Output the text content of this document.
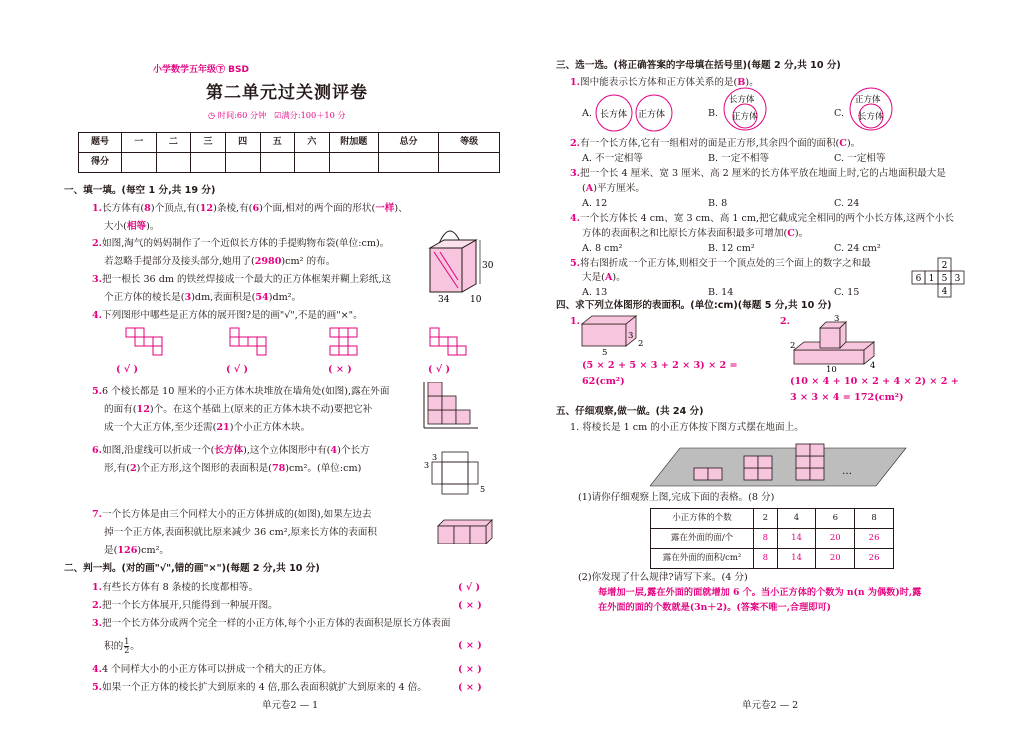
小学数学五年级㊦ BSD
第二单元过关测评卷
◷ 时间:60 分钟 ☑满分:100＋10 分
题号	一	二	三	四	五	六	附加题	总分	等级
得分									
一、填一填。(每空 1 分,共 19 分)
1.长方体有(8)个顶点,有(12)条棱,有(6)个面,相对的两个面的形状(一样)、
大小(相等)。
2.如图,淘气的妈妈制作了一个近似长方体的手提购物布袋(单位:cm)。
若忽略手提部分及接头部分,她用了(2980)cm² 的布。	30
34 10
3.把一根长 36 dm 的铁丝焊接成一个最大的正方体框架并糊上彩纸,这
个正方体的棱长是(3)dm,表面积是(54)dm²。
4.下列图形中哪些是正方体的展开图?是的画"√",不是的画"×"。
( √ )	( √ )	( × )	( √ )
5.6 个棱长都是 10 厘米的小正方体木块堆放在墙角处(如图),露在外面
的面有(12)个。在这个基础上(原来的正方体木块不动)要把它补
成一个大正方体,至少还需(21)个小正方体木块。
6.如图,沿虚线可以折成一个(长方体),这个立体图形中有(4)个长方
形,有(2)个正方形,这个图形的表面积是(78)cm²。(单位:cm)	3
3
5
7.一个长方体是由三个同样大小的正方体拼成的(如图),如果左边去
掉一个正方体,表面积就比原来减少 36 cm²,原来长方体的表面积
是(126)cm²。
二、判一判。(对的画"√",错的画"×")(每题 2 分,共 10 分)
1.有些长方体有 8 条棱的长度都相等。	( √ )
2.把一个长方体展开,只能得到一种展开图。	( × )
3.把一个长方体分成两个完全一样的小正方体,每个小正方体的表面积是原长方体表面
积的 $\frac{1}{2}$ 。	( × )
4.4 个同样大小的小正方体可以拼成一个稍大的正方体。	( × )
5.如果一个正方体的棱长扩大到原来的 4 倍,那么表面积就扩大到原来的 4 倍。	( × )
单元卷2 — 1
三、选一选。(将正确答案的字母填在括号里)(每题 2 分,共 10 分)
1.图中能表示长方体和正方体关系的是(B)。
A. 长方体 正方体	B.
长方体
正方体	C.
正方体
长方体
2.有一个长方体,它有一组相对的面是正方形,其余四个面的面积(C)。
A. 不一定相等	B. 一定不相等	C. 一定相等
3.把一个长 4 厘米、宽 3 厘米、高 2 厘米的长方体平放在地面上时,它的占地面积最大是
(A)平方厘米。
A. 12	B. 8	C. 24
4.一个长方体长 4 cm、宽 3 cm、高 1 cm,把它截成完全相同的两个小长方体,这两个小长
方体的表面积之和比原长方体表面积最多可增加(C)。
A. 8 cm²	B. 12 cm²	C. 24 cm²
5.将右图折成一个正方体,则相交于一个顶点处的三个面上的数字之和最
大是(A)。
A. 13	B. 14	C. 15
2
6 1 5 3
4
四、求下列立体图形的表面积。(单位:cm)(每题 5 分,共 10 分)
1.
5
2
3
(5 × 2 + 5 × 3 + 2 × 3) × 2 =
62(cm²)
2.	3
10
2
4
(10 × 4 + 10 × 2 + 4 × 2) × 2 +
3 × 3 × 4 = 172(cm²)
五、仔细观察,做一做。(共 24 分)
1. 将棱长是 1 cm 的小正方体按下图方式摆在地面上。
…
(1)请你仔细观察上图,完成下面的表格。(8 分)
小正方体的个数	2	4	6	8
露在外面的面/个	8	14	20	26
露在外面的面积/cm²	8	14	20	26
(2)你发现了什么规律?请写下来。(4 分)
每增加一层,露在外面的面就增加 6 个。当小正方体的个数为 n(n 为偶数)时,露
在外面的面的个数就是(3n＋2)。(答案不唯一,合理即可)
单元卷2 — 2
